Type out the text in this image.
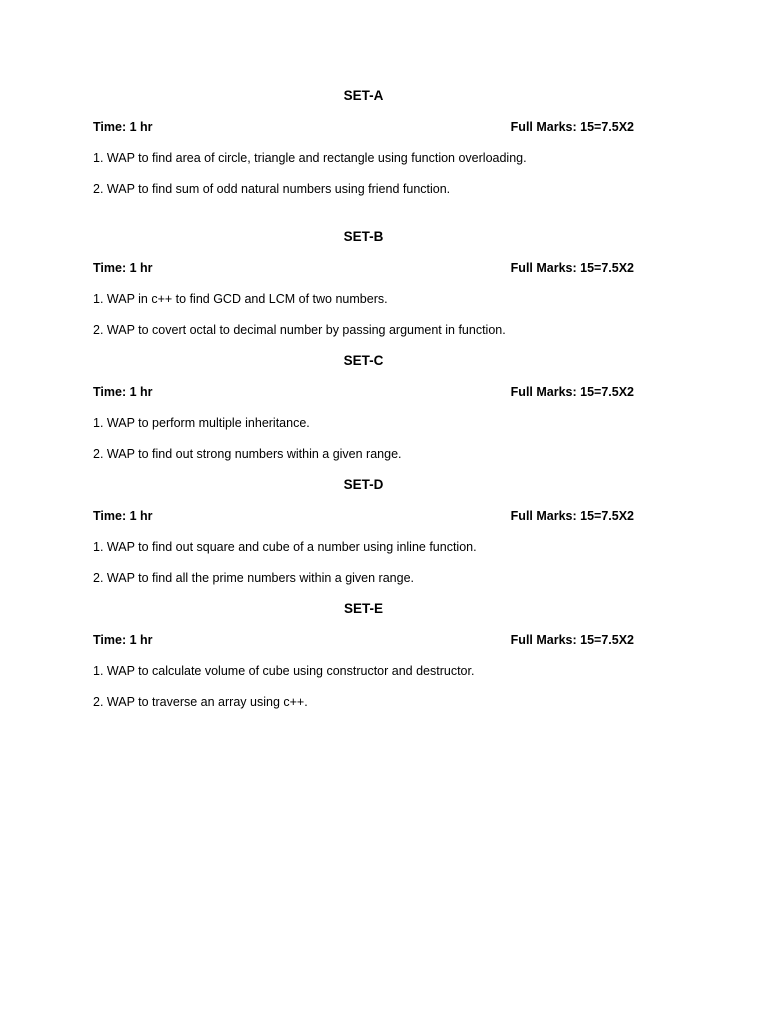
SET-A
Time: 1 hr	Full Marks: 15=7.5X2
1. WAP to find area of circle, triangle and rectangle using function overloading.
2. WAP to find sum of odd natural numbers using friend function.
SET-B
Time: 1 hr	Full Marks: 15=7.5X2
1. WAP in c++ to find GCD and LCM of two numbers.
2. WAP to covert octal to decimal number by passing argument in function.
SET-C
Time: 1 hr	Full Marks: 15=7.5X2
1. WAP to perform multiple inheritance.
2. WAP to find out strong numbers within a given range.
SET-D
Time: 1 hr	Full Marks: 15=7.5X2
1. WAP to find out square and cube of a number using inline function.
2. WAP to find all the prime numbers within a given range.
SET-E
Time: 1 hr	Full Marks: 15=7.5X2
1. WAP to calculate volume of cube using constructor and destructor.
2. WAP to traverse an array using c++.
